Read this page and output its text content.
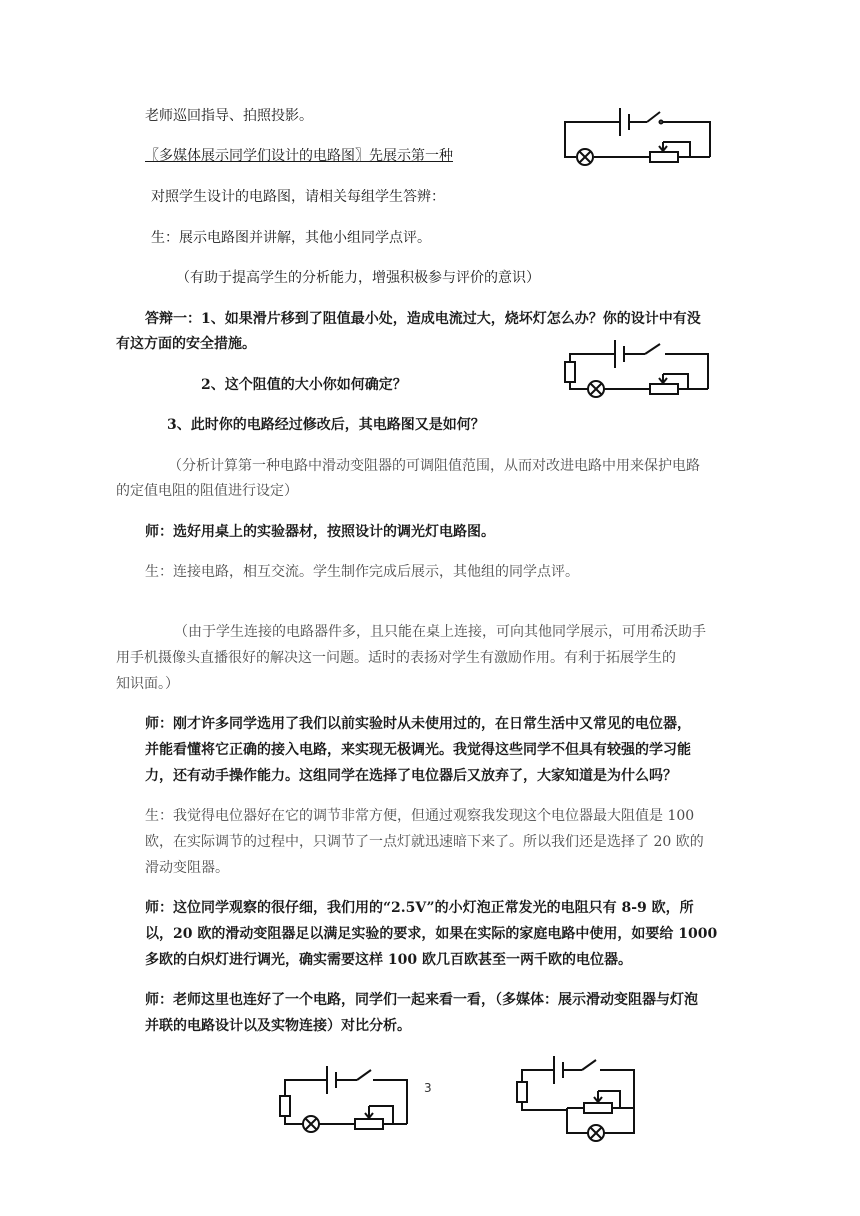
老师巡回指导、拍照投影。

〖多媒体展示同学们设计的电路图〗先展示第一种

对照学生设计的电路图，请相关每组学生答辨：

生：展示电路图并讲解，其他小组同学点评。

（有助于提高学生的分析能力，增强积极参与评价的意识）

答辩一：1、如果滑片移到了阻值最小处，造成电流过大，烧坏灯怎么办？你的设计中有没

有这方面的安全措施。

2、这个阻值的大小你如何确定？

3、此时你的电路经过修改后，其电路图又是如何？

（分析计算第一种电路中滑动变阻器的可调阻值范围，从而对改进电路中用来保护电路

的定值电阻的阻值进行设定）

师：选好用桌上的实验器材，按照设计的调光灯电路图。

生：连接电路，相互交流。学生制作完成后展示，其他组的同学点评。

（由于学生连接的电路器件多，且只能在桌上连接，可向其他同学展示，可用希沃助手

用手机摄像头直播很好的解决这一问题。适时的表扬对学生有激励作用。有利于拓展学生的

知识面。）

师：刚才许多同学选用了我们以前实验时从未使用过的，在日常生活中又常见的电位器，

并能看懂将它正确的接入电路，来实现无极调光。我觉得这些同学不但具有较强的学习能

力，还有动手操作能力。这组同学在选择了电位器后又放弃了，大家知道是为什么吗？

生：我觉得电位器好在它的调节非常方便，但通过观察我发现这个电位器最大阻值是 100

欧，在实际调节的过程中，只调节了一点灯就迅速暗下来了。所以我们还是选择了 20 欧的

滑动变阻器。

师：这位同学观察的很仔细，我们用的“2.5V”的小灯泡正常发光的电阻只有 8-9 欧，所

以，20 欧的滑动变阻器足以满足实验的要求，如果在实际的家庭电路中使用，如要给 1000

多欧的白炽灯进行调光，确实需要这样 100 欧几百欧甚至一两千欧的电位器。

师：老师这里也连好了一个电路，同学们一起来看一看，（多媒体：展示滑动变阻器与灯泡

并联的电路设计以及实物连接）对比分析。

3
